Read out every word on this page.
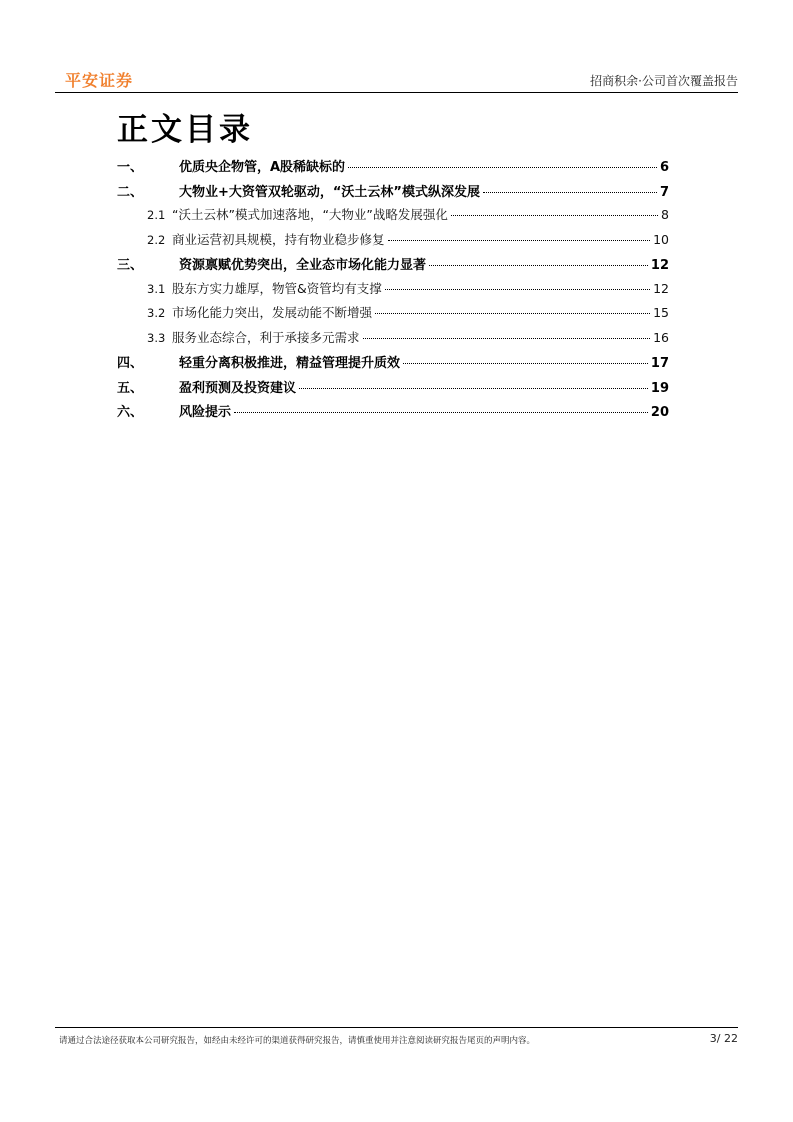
平安证券	招商积余·公司首次覆盖报告
正文目录
一、	优质央企物管，A股稀缺标的	6
二、	大物业+大资管双轮驱动，“沃土云林”模式纵深发展	7
2.1 “沃土云林”模式加速落地，“大物业”战略发展强化	8
2.2 商业运营初具规模，持有物业稳步修复	10
三、	资源禀赋优势突出，全业态市场化能力显著	12
3.1 股东方实力雄厚，物管&资管均有支撑	12
3.2 市场化能力突出，发展动能不断增强	15
3.3 服务业态综合，利于承接多元需求	16
四、	轻重分离积极推进，精益管理提升质效	17
五、	盈利预测及投资建议	19
六、	风险提示	20
请通过合法途径获取本公司研究报告，如经由未经许可的渠道获得研究报告，请慎重使用并注意阅读研究报告尾页的声明内容。	3/ 22
